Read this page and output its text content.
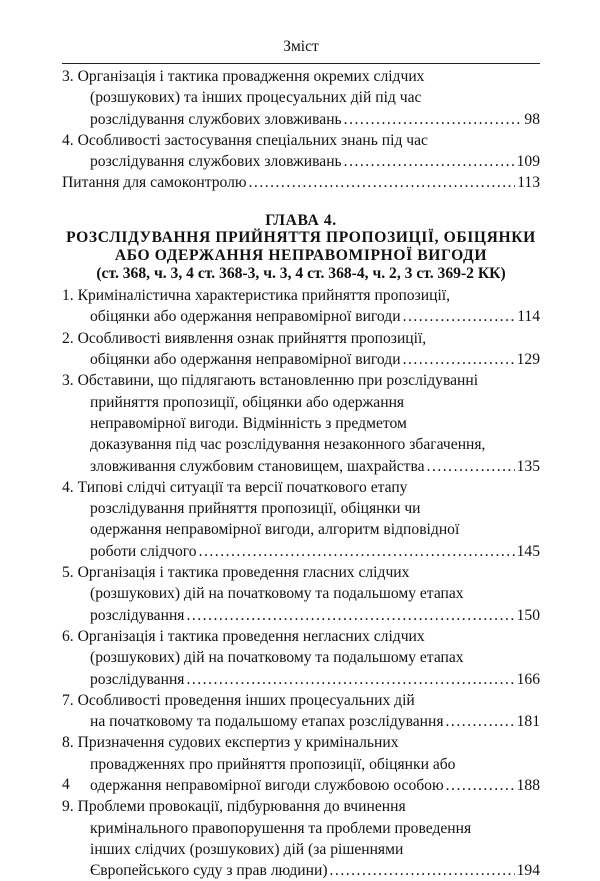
Зміст
3. Організація і тактика провадження окремих слідчих
(розшукових) та інших процесуальних дій під час
розслідування службових зловживань .....	98
4. Особливості застосування спеціальних знань під час
розслідування службових зловживань .....	109
Питання для самоконтролю .....	113
ГЛАВА 4.
РОЗСЛІДУВАННЯ ПРИЙНЯТТЯ ПРОПОЗИЦІЇ, ОБІЦЯНКИ
АБО ОДЕРЖАННЯ НЕПРАВОМІРНОЇ ВИГОДИ
(ст. 368, ч. 3, 4 ст. 368-3, ч. 3, 4 ст. 368-4, ч. 2, 3 ст. 369-2 КК)
1. Криміналістична характеристика прийняття пропозиції,
обіцянки або одержання неправомірної вигоди .....	114
2. Особливості виявлення ознак прийняття пропозиції,
обіцянки або одержання неправомірної вигоди .....	129
3. Обставини, що підлягають встановленню при розслідуванні
прийняття пропозиції, обіцянки або одержання
неправомірної вигоди. Відмінність з предметом
доказування під час розслідування незаконного збагачення,
зловживання службовим становищем, шахрайства .....	135
4. Типові слідчі ситуації та версії початкового етапу
розслідування прийняття пропозиції, обіцянки чи
одержання неправомірної вигоди, алгоритм відповідної
роботи слідчого .....	145
5. Організація і тактика проведення гласних слідчих
(розшукових) дій на початковому та подальшому етапах
розслідування .....	150
6. Організація і тактика проведення негласних слідчих
(розшукових) дій на початковому та подальшому етапах
розслідування .....	166
7. Особливості проведення інших процесуальних дій
на початковому та подальшому етапах розслідування .....	181
8. Призначення судових експертиз у кримінальних
провадженнях про прийняття пропозиції, обіцянки або
одержання неправомірної вигоди службовою особою .....	188
9. Проблеми провокації, підбурювання до вчинення
кримінального правопорушення та проблеми проведення
інших слідчих (розшукових) дій (за рішеннями
Європейського суду з прав людини) .....	194
4
